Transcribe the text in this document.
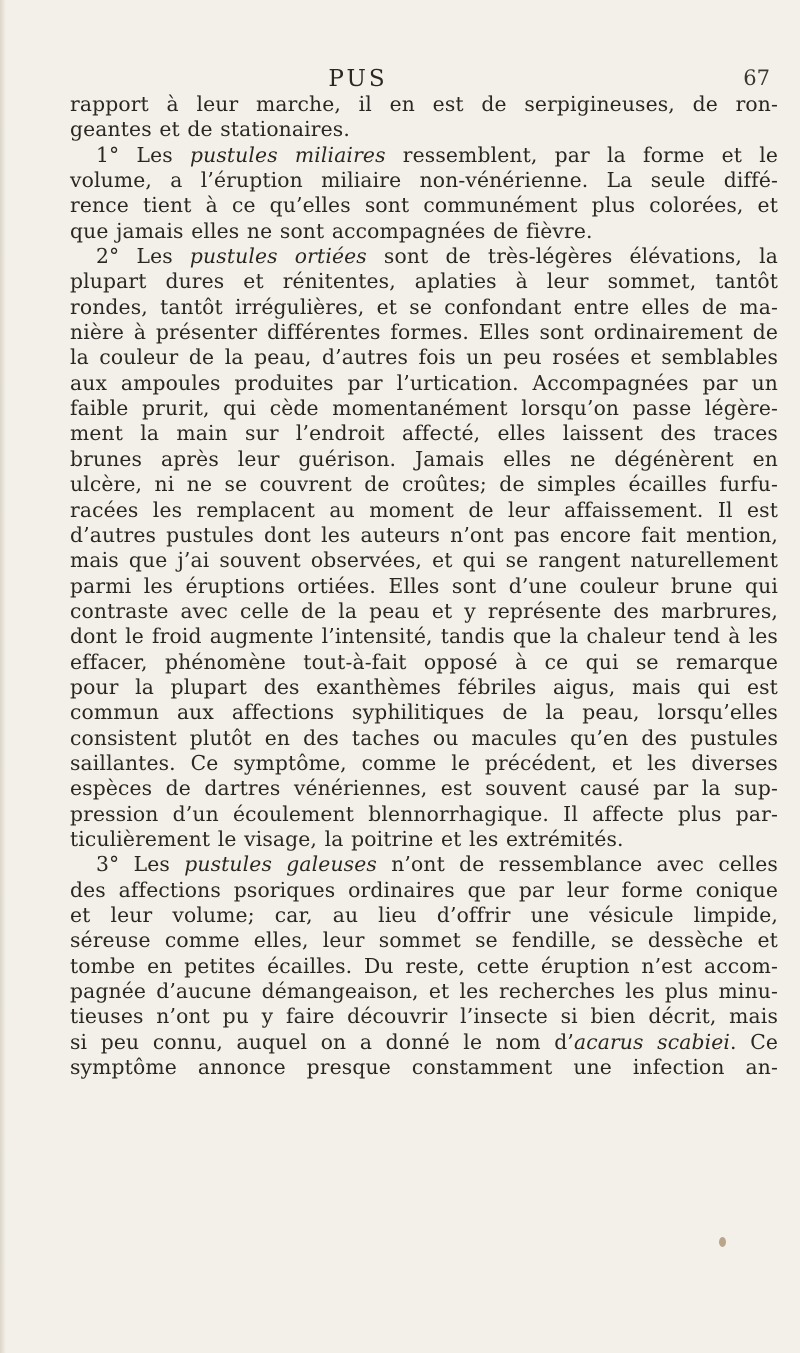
PUS	67
rapport à leur marche, il en est de serpigineuses, de ron-
geantes et de stationaires.
1° Les pustules miliaires ressemblent, par la forme et le
volume, a l’éruption miliaire non-vénérienne. La seule diffé-
rence tient à ce qu’elles sont communément plus colorées, et
que jamais elles ne sont accompagnées de fièvre.
2° Les pustules ortiées sont de très-légères élévations, la
plupart dures et rénitentes, aplaties à leur sommet, tantôt
rondes, tantôt irrégulières, et se confondant entre elles de ma-
nière à présenter différentes formes. Elles sont ordinairement de
la couleur de la peau, d’autres fois un peu rosées et semblables
aux ampoules produites par l’urtication. Accompagnées par un
faible prurit, qui cède momentanément lorsqu’on passe légère-
ment la main sur l’endroit affecté, elles laissent des traces
brunes après leur guérison. Jamais elles ne dégénèrent en
ulcère, ni ne se couvrent de croûtes; de simples écailles furfu-
racées les remplacent au moment de leur affaissement. Il est
d’autres pustules dont les auteurs n’ont pas encore fait mention,
mais que j’ai souvent observées, et qui se rangent naturellement
parmi les éruptions ortiées. Elles sont d’une couleur brune qui
contraste avec celle de la peau et y représente des marbrures,
dont le froid augmente l’intensité, tandis que la chaleur tend à les
effacer, phénomène tout-à-fait opposé à ce qui se remarque
pour la plupart des exanthèmes fébriles aigus, mais qui est
commun aux affections syphilitiques de la peau, lorsqu’elles
consistent plutôt en des taches ou macules qu’en des pustules
saillantes. Ce symptôme, comme le précédent, et les diverses
espèces de dartres vénériennes, est souvent causé par la sup-
pression d’un écoulement blennorrhagique. Il affecte plus par-
ticulièrement le visage, la poitrine et les extrémités.
3° Les pustules galeuses n’ont de ressemblance avec celles
des affections psoriques ordinaires que par leur forme conique
et leur volume; car, au lieu d’offrir une vésicule limpide,
séreuse comme elles, leur sommet se fendille, se dessèche et
tombe en petites écailles. Du reste, cette éruption n’est accom-
pagnée d’aucune démangeaison, et les recherches les plus minu-
tieuses n’ont pu y faire découvrir l’insecte si bien décrit, mais
si peu connu, auquel on a donné le nom d’acarus scabiei. Ce
symptôme annonce presque constamment une infection an-
